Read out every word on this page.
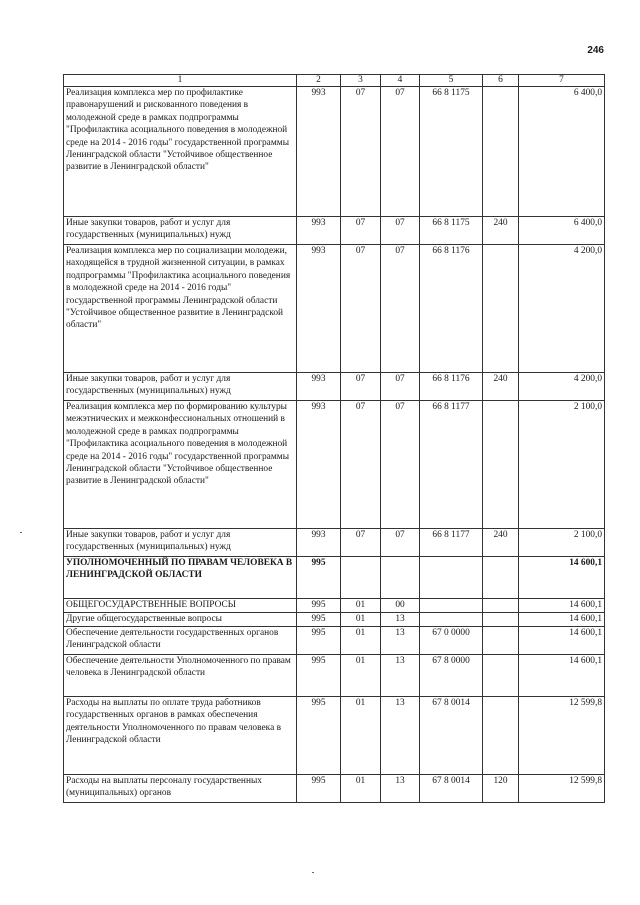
246
1	2	3	4	5	6	7
Реализация комплекса мер по профилактике правонарушений и рискованного поведения в молодежной среде в рамках подпрограммы "Профилактика асоциального поведения в молодежной среде на 2014 - 2016 годы" государственной программы Ленинградской области "Устойчивое общественное развитие в Ленинградской области"	993	07	07	66 8 1175		6 400,0
Иные закупки товаров, работ и услуг для государственных (муниципальных) нужд	993	07	07	66 8 1175	240	6 400,0
Реализация комплекса мер по социализации молодежи, находящейся в трудной жизненной ситуации, в рамках подпрограммы "Профилактика асоциального поведения в молодежной среде на 2014 - 2016 годы" государственной программы Ленинградской области "Устойчивое общественное развитие в Ленинградской области"	993	07	07	66 8 1176		4 200,0
Иные закупки товаров, работ и услуг для государственных (муниципальных) нужд	993	07	07	66 8 1176	240	4 200,0
Реализация комплекса мер по формированию культуры межэтнических и межконфессиональных отношений в молодежной среде в рамках подпрограммы "Профилактика асоциального поведения в молодежной среде на 2014 - 2016 годы" государственной программы Ленинградской области "Устойчивое общественное развитие в Ленинградской области"	993	07	07	66 8 1177		2 100,0
Иные закупки товаров, работ и услуг для государственных (муниципальных) нужд	993	07	07	66 8 1177	240	2 100,0
УПОЛНОМОЧЕННЫЙ ПО ПРАВАМ ЧЕЛОВЕКА В ЛЕНИНГРАДСКОЙ ОБЛАСТИ	995					14 600,1
ОБЩЕГОСУДАРСТВЕННЫЕ ВОПРОСЫ	995	01	00			14 600,1
Другие общегосударственные вопросы	995	01	13			14 600,1
Обеспечение деятельности государственных органов Ленинградской области	995	01	13	67 0 0000		14 600,1
Обеспечение деятельности Уполномоченного по правам человека в Ленинградской области	995	01	13	67 8 0000		14 600,1
Расходы на выплаты по оплате труда работников государственных органов в рамках обеспечения деятельности Уполномоченного по правам человека в Ленинградской области	995	01	13	67 8 0014		12 599,8
Расходы на выплаты персоналу государственных (муниципальных) органов	995	01	13	67 8 0014	120	12 599,8
